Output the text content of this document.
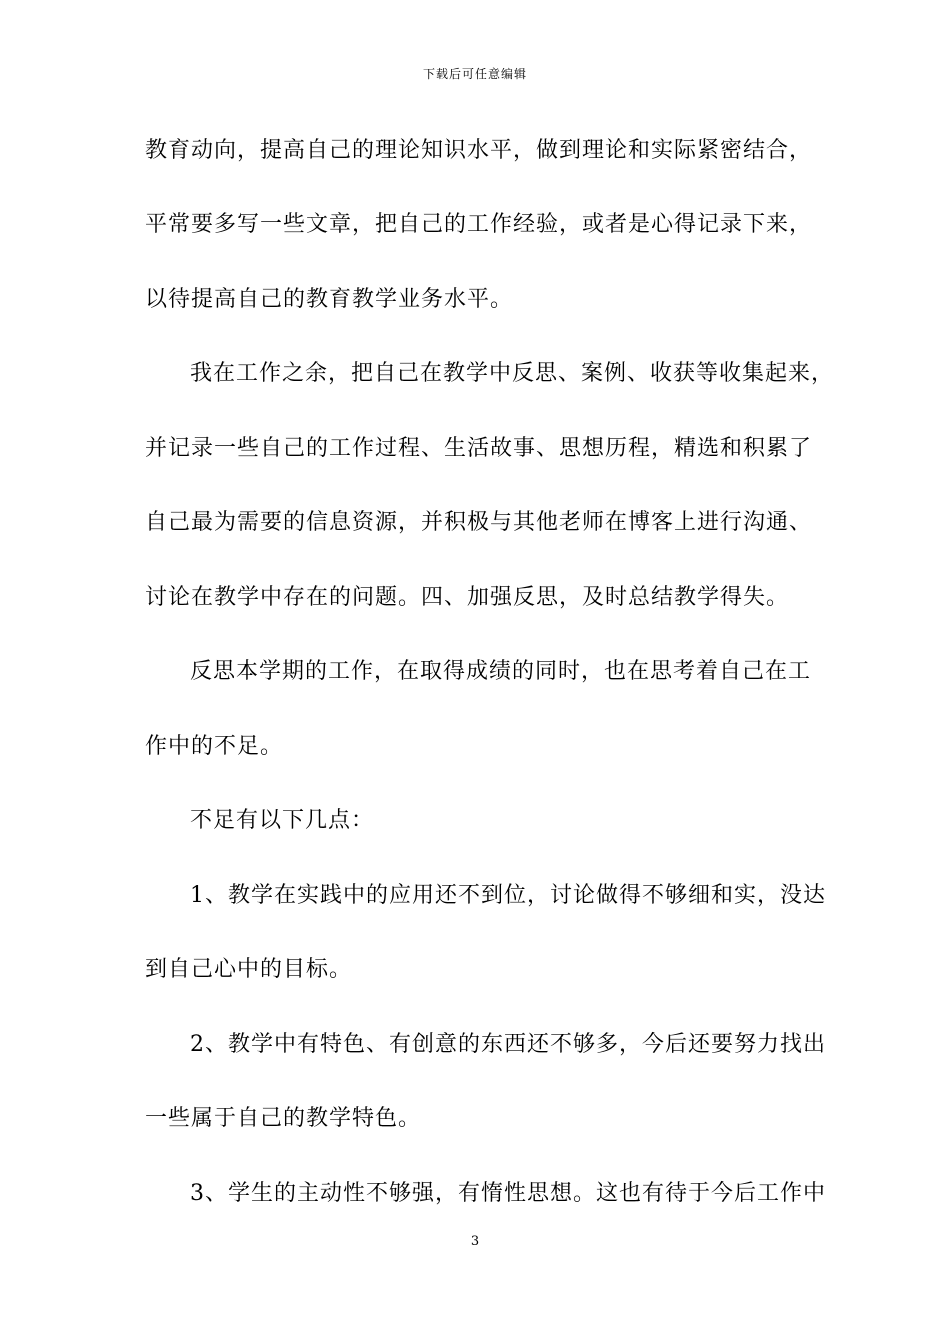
下载后可任意编辑
教育动向，提高自己的理论知识水平，做到理论和实际紧密结合，
平常要多写一些文章，把自己的工作经验，或者是心得记录下来，
以待提高自己的教育教学业务水平。
我在工作之余，把自己在教学中反思、案例、收获等收集起来，
并记录一些自己的工作过程、生活故事、思想历程，精选和积累了
自己最为需要的信息资源，并积极与其他老师在博客上进行沟通、
讨论在教学中存在的问题。四、加强反思，及时总结教学得失。
反思本学期的工作，在取得成绩的同时，也在思考着自己在工
作中的不足。
不足有以下几点：
1、教学在实践中的应用还不到位，讨论做得不够细和实，没达
到自己心中的目标。
2、教学中有特色、有创意的东西还不够多，今后还要努力找出
一些属于自己的教学特色。
3、学生的主动性不够强，有惰性思想。这也有待于今后工作中
3
